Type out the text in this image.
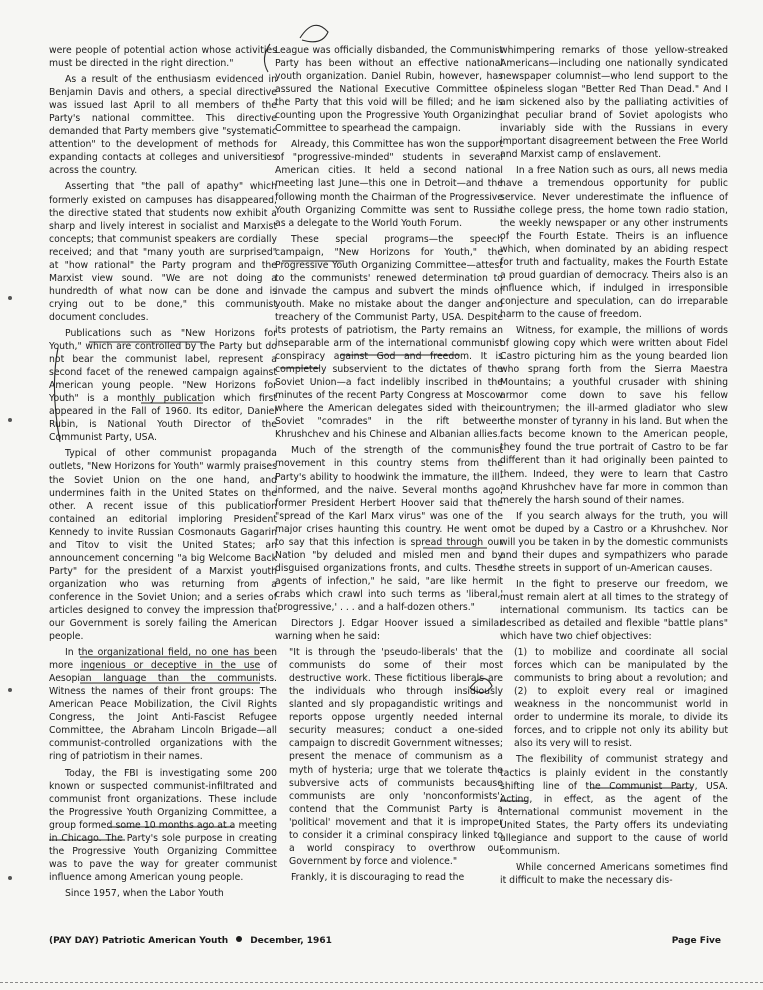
were people of potential action whose activities must be directed in the right direction."

As a result of the enthusiasm evidenced in Benjamin Davis and others, a special directive was issued last April to all members of the Party's national committee. This directive demanded that Party members give "systematic attention" to the development of methods for expanding contacts at colleges and universities across the country.

Asserting that "the pall of apathy" which formerly existed on campuses has disappeared, the directive stated that students now exhibit a sharp and lively interest in socialist and Marxist concepts; that communist speakers are cordially received; and that "many youth are surprised" at "how rational" the Party program and the Marxist view sound. "We are not doing a hundredth of what now can be done and is crying out to be done," this communist document concludes.

Publications such as "New Horizons for Youth," which are controlled by the Party but do not bear the communist label, represent a second facet of the renewed campaign against American young people. "New Horizons for Youth" is a monthly publication which first appeared in the Fall of 1960. Its editor, Daniel Rubin, is National Youth Director of the Communist Party, USA.

Typical of other communist propaganda outlets, "New Horizons for Youth" warmly praises the Soviet Union on the one hand, and undermines faith in the United States on the other. A recent issue of this publication contained an editorial imploring President Kennedy to invite Russian Cosmonauts Gagarin and Titov to visit the United States; an announcement concerning "a big Welcome Back Party" for the president of a Marxist youth organization who was returning from a conference in the Soviet Union; and a series of articles designed to convey the impression that our Government is sorely failing the American people.

In the organizational field, no one has been more ingenious or deceptive in the use of Aesopian language than the communists. Witness the names of their front groups: The American Peace Mobilization, the Civil Rights Congress, the Joint Anti-Fascist Refugee Committee, the Abraham Lincoln Brigade—all communist-controlled organizations with the ring of patriotism in their names.

Today, the FBI is investigating some 200 known or suspected communist-infiltrated and communist front organizations. These include the Progressive Youth Organizing Committee, a group formed some 10 months ago at a meeting in Chicago. The Party's sole purpose in creating the Progressive Youth Organizing Committee was to pave the way for greater communist influence among American young people.

Since 1957, when the Labor Youth

League was officially disbanded, the Communist Party has been without an effective national youth organization. Daniel Rubin, however, has assured the National Executive Committee of the Party that this void will be filled; and he is counting upon the Progressive Youth Organizing Committee to spearhead the campaign.

Already, this Committee has won the support of "progressive-minded" students in several American cities. It held a second national meeting last June—this one in Detroit—and the following month the Chairman of the Progressive Youth Organizing Committe was sent to Russia as a delegate to the World Youth Forum.

These special programs—the speech campaign, "New Horizons for Youth," the Progressive Youth Organizing Committee—attest to the communists' renewed determination to invade the campus and subvert the minds of youth. Make no mistake about the danger and treachery of the Communist Party, USA. Despite its protests of patriotism, the Party remains an inseparable arm of the international communist conspiracy against God and freedom. It is completely subservient to the dictates of the Soviet Union—a fact indelibly inscribed in the minutes of the recent Party Congress at Moscow where the American delegates sided with their Soviet "comrades" in the rift between Khrushchev and his Chinese and Albanian allies.

Much of the strength of the communist movement in this country stems from the Party's ability to hoodwink the immature, the ill-informed, and the naive. Several months ago, former President Herbert Hoover said that the "spread of the Karl Marx virus" was one of the major crises haunting this country. He went on to say that this infection is spread through our Nation "by deluded and misled men and by disguised organizations fronts, and cults. These agents of infection," he said, "are like hermit crabs which crawl into such terms as 'liberal,' 'progressive,' . . . and a half-dozen others."

Directors J. Edgar Hoover issued a similar warning when he said:

"It is through the 'pseudo-liberals' that the communists do some of their most destructive work. These fictitious liberals are the individuals who through insidiously slanted and sly propagandistic writings and reports oppose urgently needed internal security measures; conduct a one-sided campaign to discredit Government witnesses; present the menace of communism as a myth of hysteria; urge that we tolerate the subversive acts of communists because communists are only 'nonconformists'; contend that the Communist Party is a 'political' movement and that it is improper to consider it a criminal conspiracy linked to a world conspiracy to overthrow our Government by force and violence."

Frankly, it is discouraging to read the

whimpering remarks of those yellow-streaked Americans—including one nationally syndicated newspaper columnist—who lend support to the spineless slogan "Better Red Than Dead." And I am sickened also by the palliating activities of that peculiar brand of Soviet apologists who invariably side with the Russians in every important disagreement between the Free World and Marxist camp of enslavement.

In a free Nation such as ours, all news media have a tremendous opportunity for public service. Never underestimate the influence of the college press, the home town radio station, the weekly newspaper or any other instruments of the Fourth Estate. Theirs is an influence which, when dominated by an abiding respect for truth and factuality, makes the Fourth Estate a proud guardian of democracy. Theirs also is an influence which, if indulged in irresponsible conjecture and speculation, can do irreparable harm to the cause of freedom.

Witness, for example, the millions of words of glowing copy which were written about Fidel Castro picturing him as the young bearded lion who sprang forth from the Sierra Maestra Mountains; a youthful crusader with shining armor come down to save his fellow countrymen; the ill-armed gladiator who slew the monster of tyranny in his land. But when the facts become known to the American people, they found the true portrait of Castro to be far different than it had originally been painted to them. Indeed, they were to learn that Castro and Khrushchev have far more in common than merely the harsh sound of their names.

If you search always for the truth, you will not be duped by a Castro or a Khrushchev. Nor will you be taken in by the domestic communists and their dupes and sympathizers who parade the streets in support of un-American causes.

In the fight to preserve our freedom, we must remain alert at all times to the strategy of international communism. Its tactics can be described as detailed and flexible "battle plans" which have two chief objectives:

(1) to mobilize and coordinate all social forces which can be manipulated by the communists to bring about a revolution; and (2) to exploit every real or imagined weakness in the noncommunist world in order to undermine its morale, to divide its forces, and to cripple not only its ability but also its very will to resist.

The flexibility of communist strategy and tactics is plainly evident in the constantly shifting line of the Communist Party, USA. Acting, in effect, as the agent of the international communist movement in the United States, the Party offers its undeviating allegiance and support to the cause of world communism.

While concerned Americans sometimes find it difficult to make the necessary dis-

(PAY DAY) Patriotic American Youth December, 1961	Page Five
